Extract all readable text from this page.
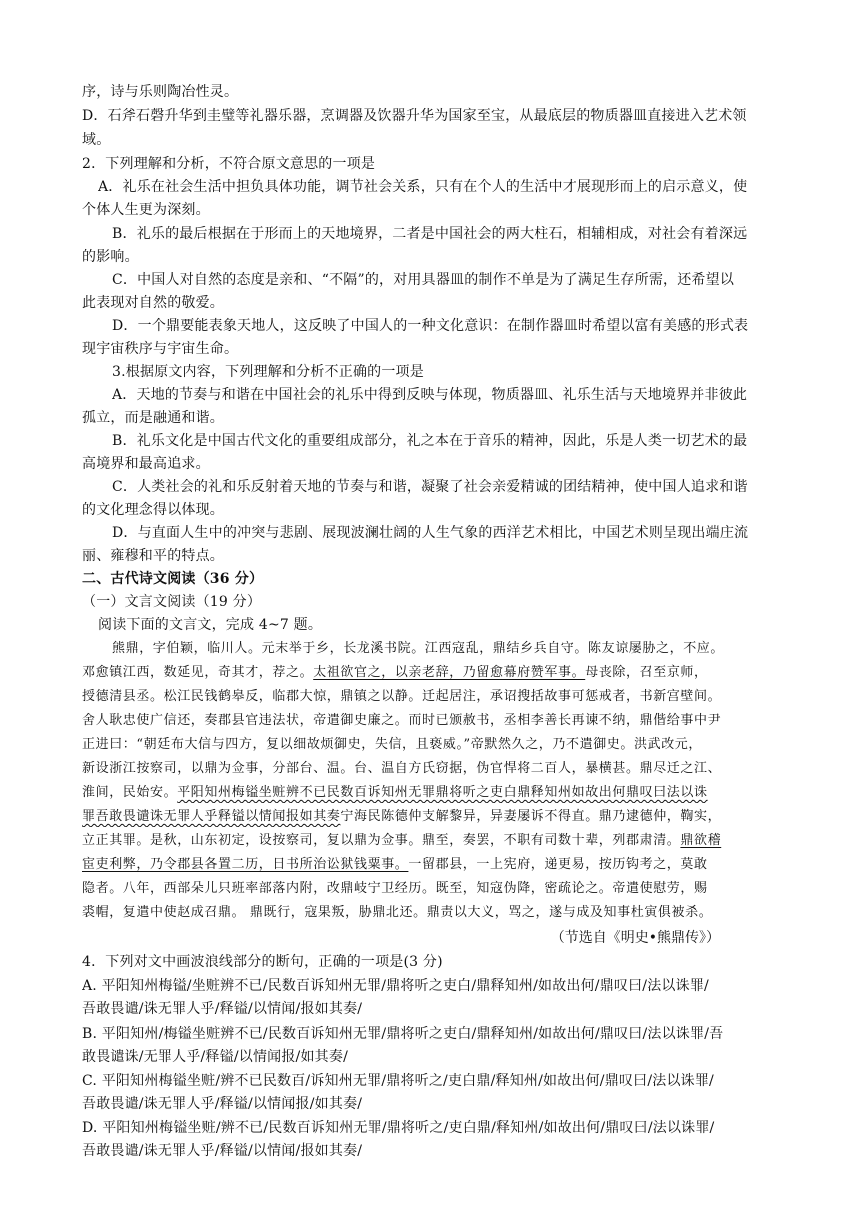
序，诗与乐则陶冶性灵。
D．石斧石磬升华到圭璧等礼器乐器，烹调器及饮器升华为国家至宝，从最底层的物质器皿直接进入艺术领
域。
2．下列理解和分析，不符合原文意思的一项是
A．礼乐在社会生活中担负具体功能，调节社会关系，只有在个人的生活中才展现形而上的启示意义，使
个体人生更为深刻。
B．礼乐的最后根据在于形而上的天地境界，二者是中国社会的两大柱石，相辅相成，对社会有着深远
的影响。
C．中国人对自然的态度是亲和、“不隔”的，对用具器皿的制作不单是为了满足生存所需，还希望以
此表现对自然的敬爱。
D．一个鼎要能表象天地人，这反映了中国人的一种文化意识：在制作器皿时希望以富有美感的形式表
现宇宙秩序与宇宙生命。
3.根据原文内容，下列理解和分析不正确的一项是
A．天地的节奏与和谐在中国社会的礼乐中得到反映与体现，物质器皿、礼乐生活与天地境界并非彼此
孤立，而是融通和谐。
B．礼乐文化是中国古代文化的重要组成部分，礼之本在于音乐的精神，因此，乐是人类一切艺术的最
高境界和最高追求。
C．人类社会的礼和乐反射着天地的节奏与和谐，凝聚了社会亲爱精诚的团结精神，使中国人追求和谐
的文化理念得以体现。
D．与直面人生中的冲突与悲剧、展现波澜壮阔的人生气象的西洋艺术相比，中国艺术则呈现出端庄流
丽、雍穆和平的特点。
二、古代诗文阅读（36 分）
（一）文言文阅读（19 分）
阅读下面的文言文，完成 4~7 题。
熊鼎，字伯颖，临川人。元末举于乡，长龙溪书院。江西寇乱，鼎结乡兵自守。陈友谅屡胁之，不应。
邓愈镇江西，数延见，奇其才，荐之。太祖欲官之，以亲老辞，乃留愈幕府赞军事。母丧除，召至京师，
授德清县丞。松江民钱鹤皋反，临郡大惊，鼎镇之以静。迁起居注，承诏搜括故事可惩戒者，书新宫壁间。
舍人耿忠使广信还，奏郡县官违法状，帝遣御史廉之。而时已颁赦书，丞相李善长再谏不纳，鼎偕给事中尹
正进曰：“朝廷布大信与四方，复以细故烦御史，失信，且亵威。”帝默然久之，乃不遣御史。洪武改元，
新设浙江按察司，以鼎为佥事，分部台、温。台、温自方氏窃据，伪官悍将二百人，暴横甚。鼎尽迁之江、
淮间，民始安。平阳知州梅镒坐赃辨不已民数百诉知州无罪鼎将听之吏白鼎释知州如故出何鼎叹曰法以诛
罪吾敢畏谴诛无罪人乎释镒以情闻报如其奏宁海民陈德仲支解黎异，异妻屡诉不得直。鼎乃逮德仲，鞫实，
立正其罪。是秋，山东初定，设按察司，复以鼎为佥事。鼎至，奏罢，不职有司数十辈，列郡肃清。鼎欲稽
宦吏利弊，乃令郡县各置二历，日书所治讼狱钱粟事。一留郡县，一上宪府，递更易，按历钩考之，莫敢
隐者。八年，西部朵儿只班率部落内附，改鼎岐宁卫经历。既至，知寇伪降，密疏论之。帝遣使慰劳，赐
裘帽，复遣中使赵成召鼎。 鼎既行，寇果叛，胁鼎北还。鼎责以大义，骂之，遂与成及知事杜寅俱被杀。
（节选自《明史•熊鼎传》）
4．下列对文中画波浪线部分的断句，正确的一项是(3 分)
A. 平阳知州梅镒/坐赃辨不已/民数百诉知州无罪/鼎将听之吏白/鼎释知州/如故出何/鼎叹曰/法以诛罪/
吾敢畏谴/诛无罪人乎/释镒/以情闻/报如其奏/
B. 平阳知州/梅镒坐赃辨不已/民数百诉知州无罪/鼎将听之吏白/鼎释知州/如故出何/鼎叹曰/法以诛罪/吾
敢畏谴诛/无罪人乎/释镒/以情闻报/如其奏/
C. 平阳知州梅镒坐赃/辨不已民数百/诉知州无罪/鼎将听之/吏白鼎/释知州/如故出何/鼎叹曰/法以诛罪/
吾敢畏谴/诛无罪人乎/释镒/以情闻报/如其奏/
D. 平阳知州梅镒坐赃/辨不已/民数百诉知州无罪/鼎将听之/吏白鼎/释知州/如故出何/鼎叹曰/法以诛罪/
吾敢畏谴/诛无罪人乎/释镒/以情闻/报如其奏/
